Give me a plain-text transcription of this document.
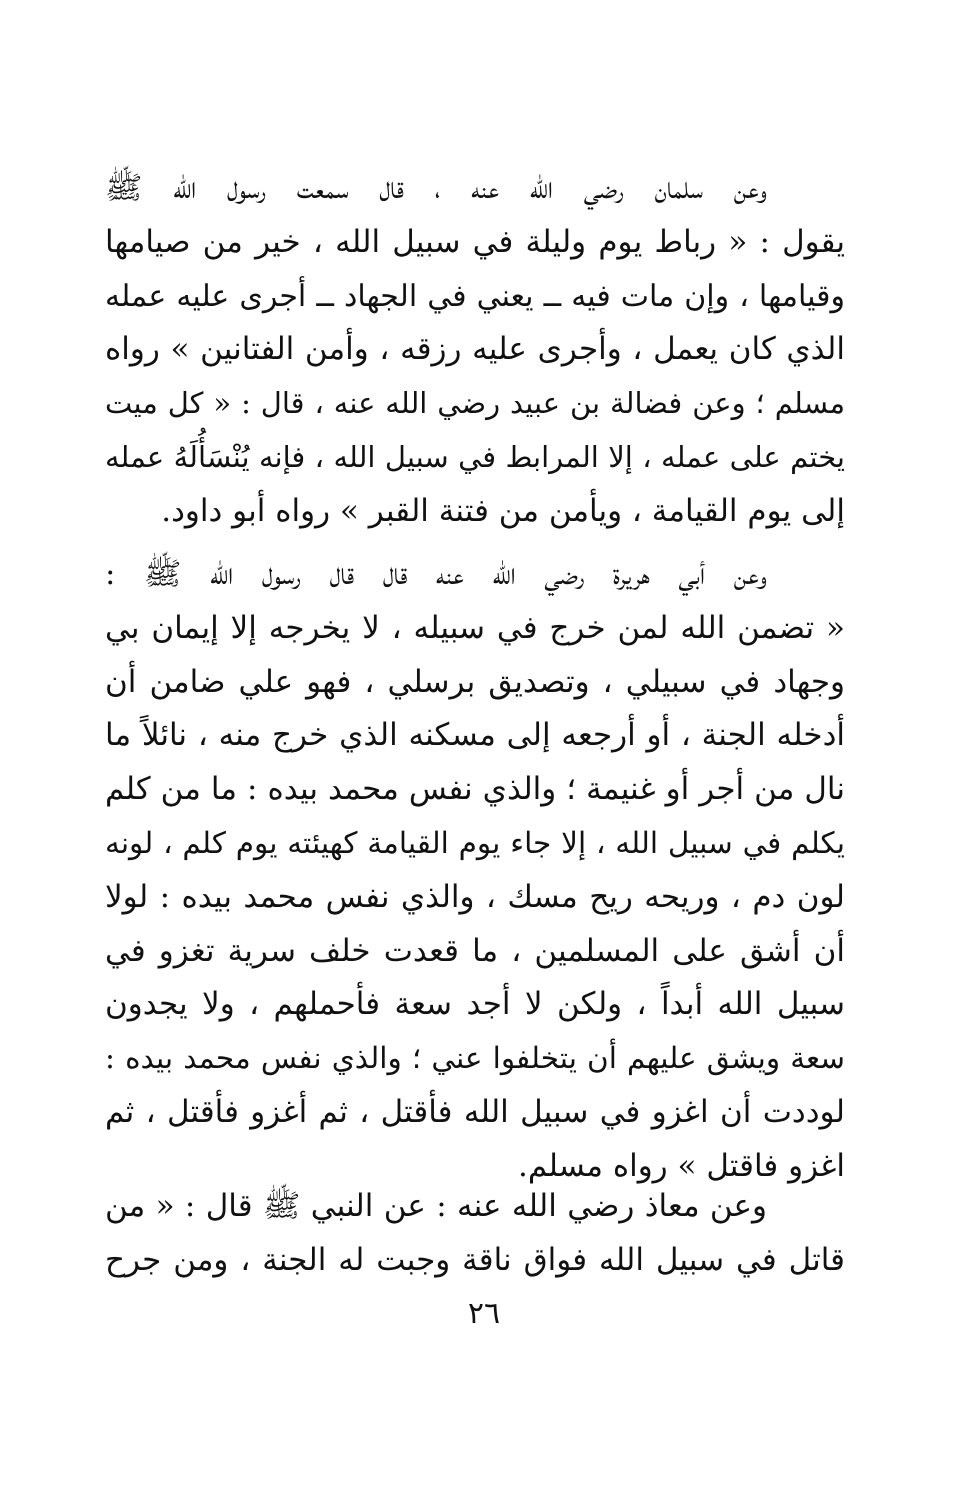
وعن سلمان رضي الله عنه ، قال سمعت رسول الله ﷺ
يقول : « رباط يوم وليلة في سبيل الله ، خير من صيامها
وقيامها ، وإن مات فيه ــ يعني في الجهاد ــ أجرى عليه عمله
الذي كان يعمل ، وأجرى عليه رزقه ، وأمن الفتانين » رواه
مسلم ؛ وعن فضالة بن عبيد رضي الله عنه ، قال : « كل ميت
يختم على عمله ، إلا المرابط في سبيل الله ، فإنه يُنْسَأُلَهُ عمله
إلى يوم القيامة ، ويأمن من فتنة القبر » رواه أبو داود.
وعن أبي هريرة رضي الله عنه قال قال رسول الله ﷺ :
« تضمن الله لمن خرج في سبيله ، لا يخرجه إلا إيمان بي
وجهاد في سبيلي ، وتصديق برسلي ، فهو علي ضامن أن
أدخله الجنة ، أو أرجعه إلى مسكنه الذي خرج منه ، نائلاً ما
نال من أجر أو غنيمة ؛ والذي نفس محمد بيده : ما من كلم
يكلم في سبيل الله ، إلا جاء يوم القيامة كهيئته يوم كلم ، لونه
لون دم ، وريحه ريح مسك ، والذي نفس محمد بيده : لولا
أن أشق على المسلمين ، ما قعدت خلف سرية تغزو في
سبيل الله أبداً ، ولكن لا أجد سعة فأحملهم ، ولا يجدون
سعة ويشق عليهم أن يتخلفوا عني ؛ والذي نفس محمد بيده :
لوددت أن اغزو في سبيل الله فأقتل ، ثم أغزو فأقتل ، ثم
اغزو فاقتل » رواه مسلم.
وعن معاذ رضي الله عنه : عن النبي ﷺ قال : « من
قاتل في سبيل الله فواق ناقة وجبت له الجنة ، ومن جرح
٢٦
